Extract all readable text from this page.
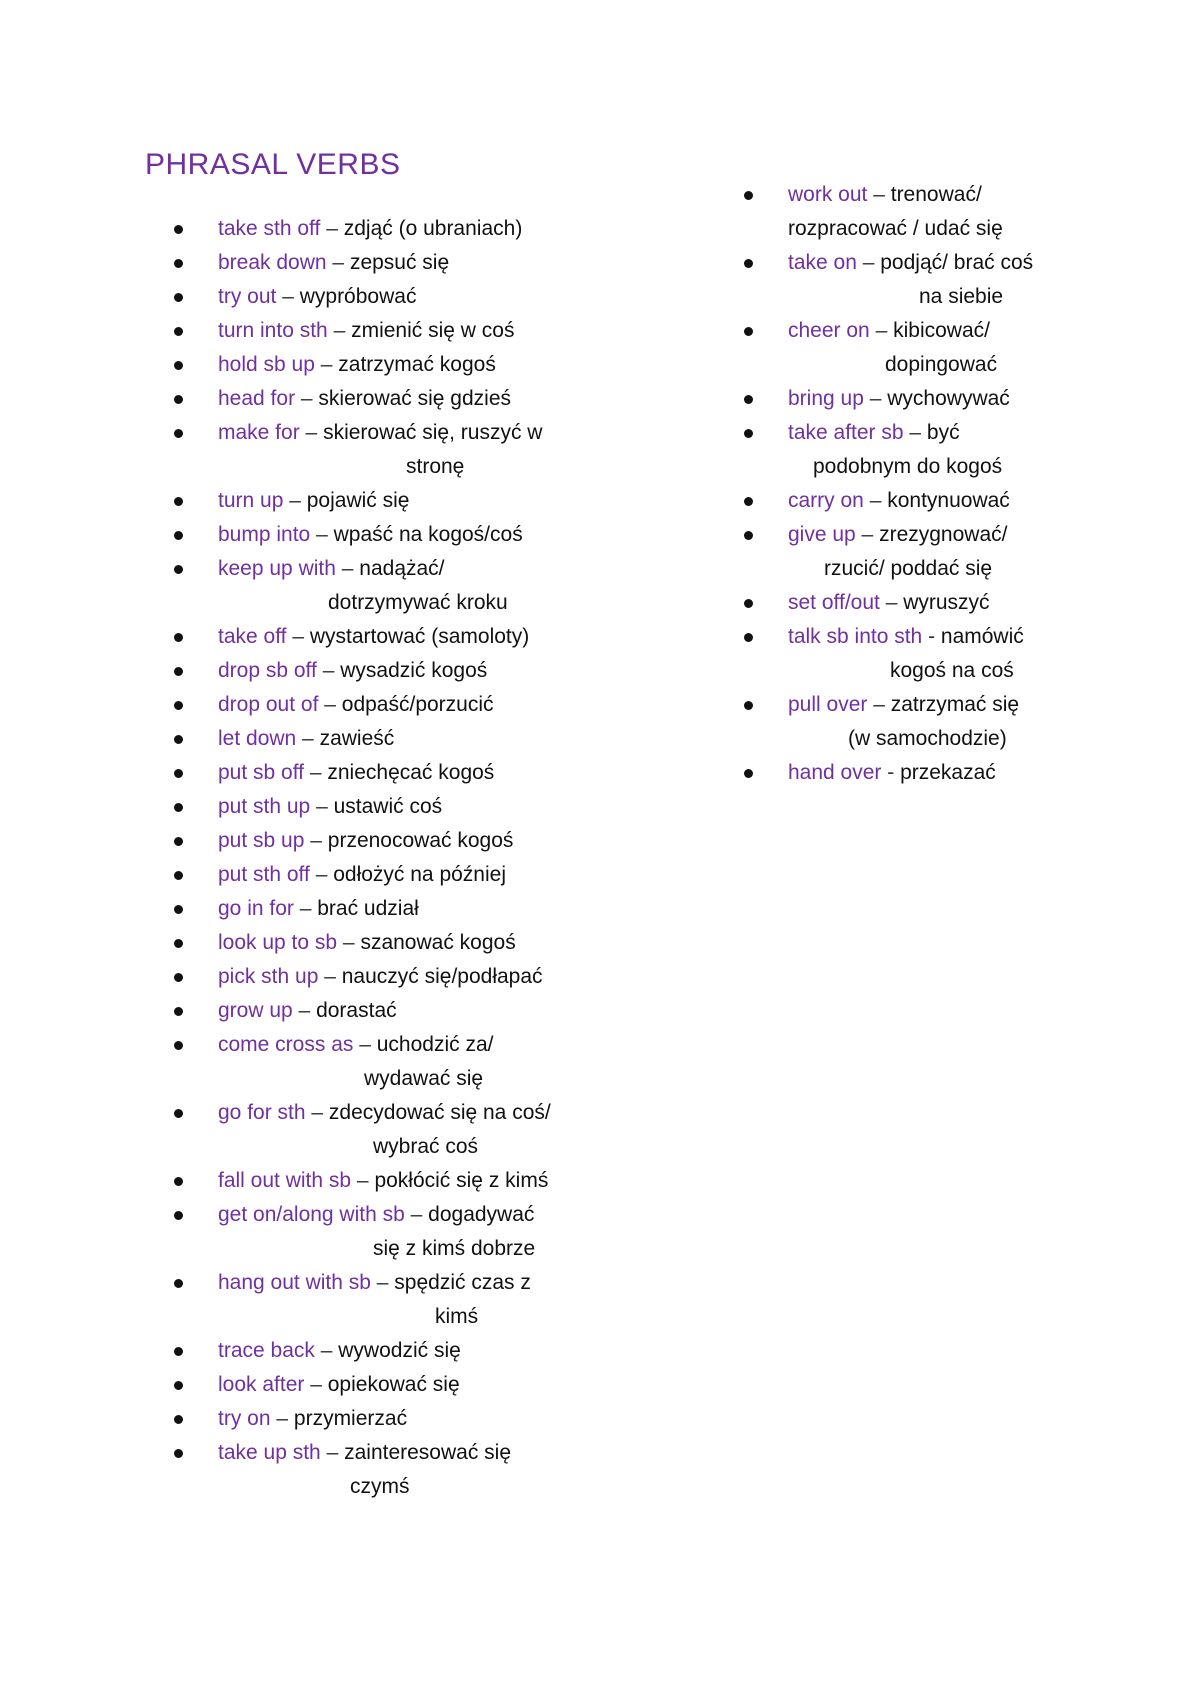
PHRASAL VERBS
take sth off – zdjąć (o ubraniach)
break down – zepsuć się
try out – wypróbować
turn into sth – zmienić się w coś
hold sb up – zatrzymać kogoś
head for – skierować się gdzieś
make for – skierować się, ruszyć w
stronę
turn up – pojawić się
bump into – wpaść na kogoś/coś
keep up with – nadążać/
dotrzymywać kroku
take off – wystartować (samoloty)
drop sb off – wysadzić kogoś
drop out of – odpaść/porzucić
let down – zawieść
put sb off – zniechęcać kogoś
put sth up – ustawić coś
put sb up – przenocować kogoś
put sth off – odłożyć na później
go in for – brać udział
look up to sb – szanować kogoś
pick sth up – nauczyć się/podłapać
grow up – dorastać
come cross as – uchodzić za/
wydawać się
go for sth – zdecydować się na coś/
wybrać coś
fall out with sb – pokłócić się z kimś
get on/along with sb – dogadywać
się z kimś dobrze
hang out with sb – spędzić czas z
kimś
trace back – wywodzić się
look after – opiekować się
try on – przymierzać
take up sth – zainteresować się
czymś
work out – trenować/
rozpracować / udać się
take on – podjąć/ brać coś
na siebie
cheer on – kibicować/
dopingować
bring up – wychowywać
take after sb – być
podobnym do kogoś
carry on – kontynuować
give up – zrezygnować/
rzucić/ poddać się
set off/out – wyruszyć
talk sb into sth - namówić
kogoś na coś
pull over – zatrzymać się
(w samochodzie)
hand over - przekazać
